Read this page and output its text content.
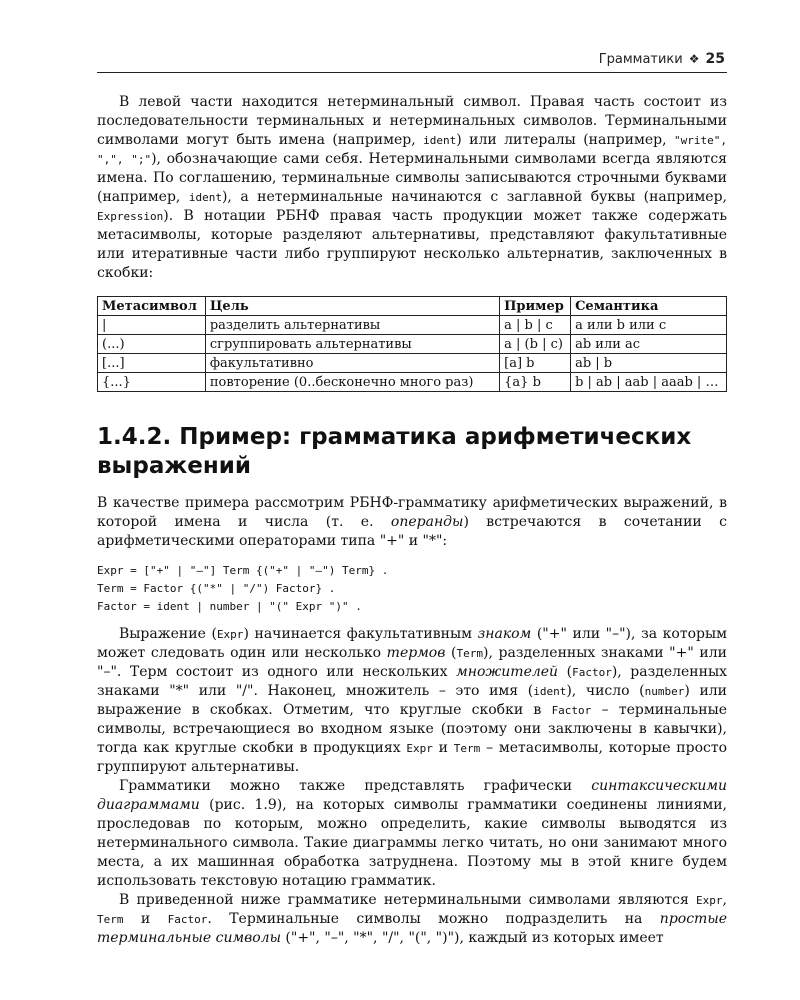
Грамматики ❖ 25

В левой части находится нетерминальный символ. Правая часть состоит из последовательности терминальных и нетерминальных символов. Терминальными символами могут быть имена (например, ident) или литералы (например, "write", ",", ";"), обозначающие сами себя. Нетерминальными символами всегда являются имена. По соглашению, терминальные символы записываются строчными буквами (например, ident), а нетерминальные начинаются с заглавной буквы (например, Expression). В нотации РБНФ правая часть продукции может также содержать метасимволы, которые разделяют альтернативы, представляют факультативные или итеративные части либо группируют несколько альтернатив, заключенных в скобки:

Метасимвол	Цель	Пример	Семантика
|	разделить альтернативы	a | b | c	a или b или c
(...)	сгруппировать альтернативы	a | (b | c)	ab или ac
[...]	факультативно	[a] b	ab | b
{...}	повторение (0..бесконечно много раз)	{a} b	b | ab | aab | aaab | …
1.4.2. Пример: грамматика арифметических
выражений

В качестве примера рассмотрим РБНФ-грамматику арифметических выражений, в которой имена и числа (т. е. операнды) встречаются в сочетании с арифметическими операторами типа "+" и "*":

Expr = ["+" | "–"] Term {("+" | "–") Term} .
Term = Factor {("*" | "/") Factor} .
Factor = ident | number | "(" Expr ")" .

Выражение (Expr) начинается факультативным знаком ("+" или "–"), за которым может следовать один или несколько термов (Term), разделенных знаками "+" или "–". Терм состоит из одного или нескольких множителей (Factor), разделенных знаками "*" или "/". Наконец, множитель – это имя (ident), число (number) или выражение в скобках. Отметим, что круглые скобки в Factor – терминальные символы, встречающиеся во входном языке (поэтому они заключены в кавычки), тогда как круглые скобки в продукциях Expr и Term – метасимволы, которые просто группируют альтернативы.

Грамматики можно также представлять графически синтаксическими диаграммами (рис. 1.9), на которых символы грамматики соединены линиями, проследовав по которым, можно определить, какие символы выводятся из нетерминального символа. Такие диаграммы легко читать, но они занимают много места, а их машинная обработка затруднена. Поэтому мы в этой книге будем использовать текстовую нотацию грамматик.

В приведенной ниже грамматике нетерминальными символами являются Expr, Term и Factor. Терминальные символы можно подразделить на простые терминальные символы ("+", "–", "*", "/", "(", ")"), каждый из которых имеет
